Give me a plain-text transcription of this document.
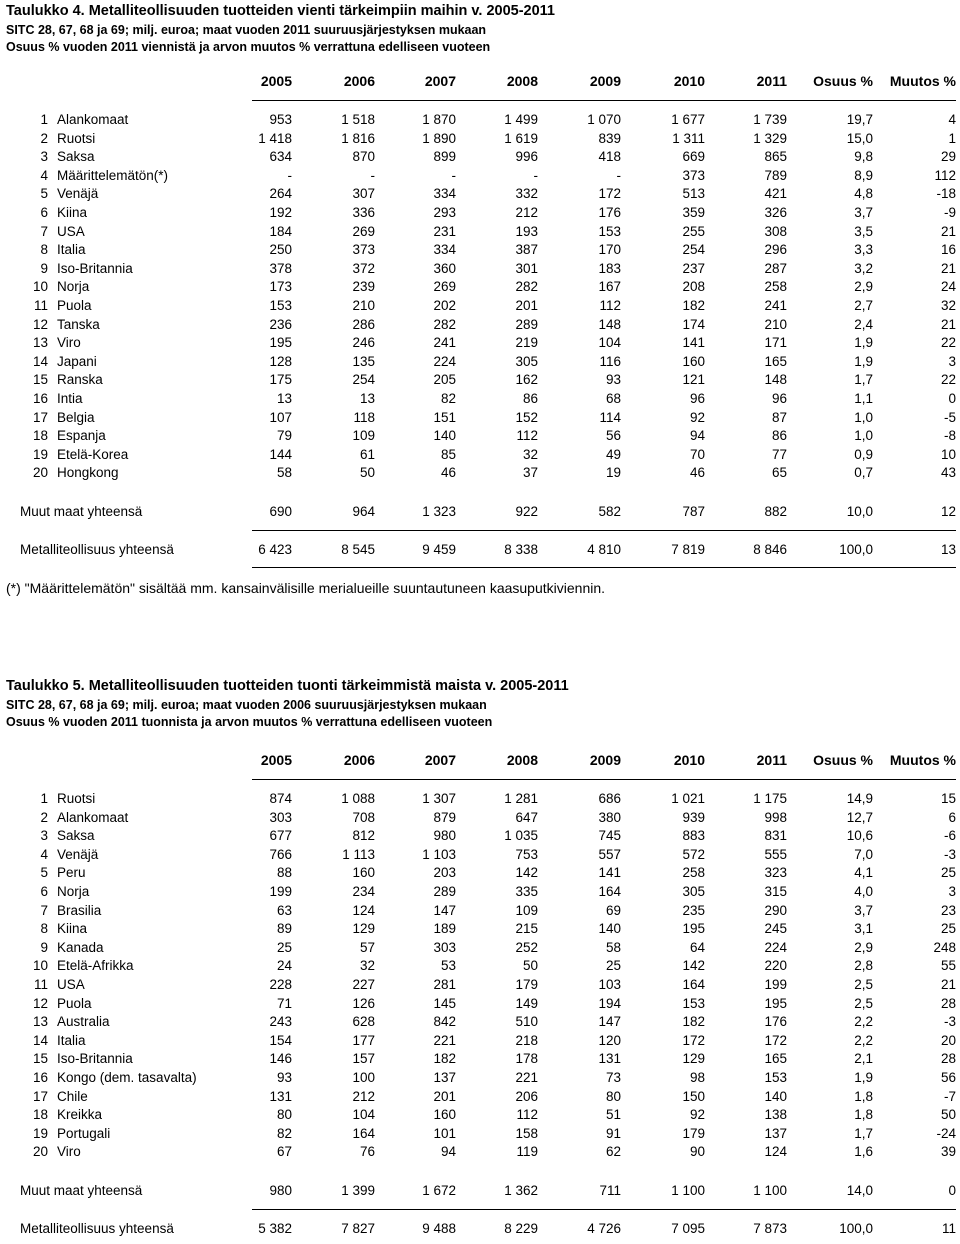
Taulukko 4. Metalliteollisuuden tuotteiden vienti tärkeimpiin maihin v. 2005-2011
SITC 28, 67, 68 ja 69; milj. euroa; maat vuoden 2011 suuruusjärjestyksen mukaan
Osuus % vuoden 2011 viennistä ja arvon muutos % verrattuna edelliseen vuoteen
2005	2006	2007	2008	2009	2010	2011	Osuus %	Muutos %
1 Alankomaat	953	1 518	1 870	1 499	1 070	1 677	1 739	19,7	4
2 Ruotsi	1 418	1 816	1 890	1 619	839	1 311	1 329	15,0	1
3 Saksa	634	870	899	996	418	669	865	9,8	29
4 Määrittelemätön(*)	-	-	-	-	-	373	789	8,9	112
5 Venäjä	264	307	334	332	172	513	421	4,8	-18
6 Kiina	192	336	293	212	176	359	326	3,7	-9
7 USA	184	269	231	193	153	255	308	3,5	21
8 Italia	250	373	334	387	170	254	296	3,3	16
9 Iso-Britannia	378	372	360	301	183	237	287	3,2	21
10 Norja	173	239	269	282	167	208	258	2,9	24
11 Puola	153	210	202	201	112	182	241	2,7	32
12 Tanska	236	286	282	289	148	174	210	2,4	21
13 Viro	195	246	241	219	104	141	171	1,9	22
14 Japani	128	135	224	305	116	160	165	1,9	3
15 Ranska	175	254	205	162	93	121	148	1,7	22
16 Intia	13	13	82	86	68	96	96	1,1	0
17 Belgia	107	118	151	152	114	92	87	1,0	-5
18 Espanja	79	109	140	112	56	94	86	1,0	-8
19 Etelä-Korea	144	61	85	32	49	70	77	0,9	10
20 Hongkong	58	50	46	37	19	46	65	0,7	43
Muut maat yhteensä	690	964	1 323	922	582	787	882	10,0	12
Metalliteollisuus yhteensä	6 423	8 545	9 459	8 338	4 810	7 819	8 846	100,0	13
(*) "Määrittelemätön" sisältää mm. kansainvälisille merialueille suuntautuneen kaasuputkiviennin.
Taulukko 5. Metalliteollisuuden tuotteiden tuonti tärkeimmistä maista v. 2005-2011
SITC 28, 67, 68 ja 69; milj. euroa; maat vuoden 2006 suuruusjärjestyksen mukaan
Osuus % vuoden 2011 tuonnista ja arvon muutos % verrattuna edelliseen vuoteen
2005	2006	2007	2008	2009	2010	2011	Osuus %	Muutos %
1 Ruotsi	874	1 088	1 307	1 281	686	1 021	1 175	14,9	15
2 Alankomaat	303	708	879	647	380	939	998	12,7	6
3 Saksa	677	812	980	1 035	745	883	831	10,6	-6
4 Venäjä	766	1 113	1 103	753	557	572	555	7,0	-3
5 Peru	88	160	203	142	141	258	323	4,1	25
6 Norja	199	234	289	335	164	305	315	4,0	3
7 Brasilia	63	124	147	109	69	235	290	3,7	23
8 Kiina	89	129	189	215	140	195	245	3,1	25
9 Kanada	25	57	303	252	58	64	224	2,9	248
10 Etelä-Afrikka	24	32	53	50	25	142	220	2,8	55
11 USA	228	227	281	179	103	164	199	2,5	21
12 Puola	71	126	145	149	194	153	195	2,5	28
13 Australia	243	628	842	510	147	182	176	2,2	-3
14 Italia	154	177	221	218	120	172	172	2,2	20
15 Iso-Britannia	146	157	182	178	131	129	165	2,1	28
16 Kongo (dem. tasavalta)	93	100	137	221	73	98	153	1,9	56
17 Chile	131	212	201	206	80	150	140	1,8	-7
18 Kreikka	80	104	160	112	51	92	138	1,8	50
19 Portugali	82	164	101	158	91	179	137	1,7	-24
20 Viro	67	76	94	119	62	90	124	1,6	39
Muut maat yhteensä	980	1 399	1 672	1 362	711	1 100	1 100	14,0	0
Metalliteollisuus yhteensä	5 382	7 827	9 488	8 229	4 726	7 095	7 873	100,0	11
